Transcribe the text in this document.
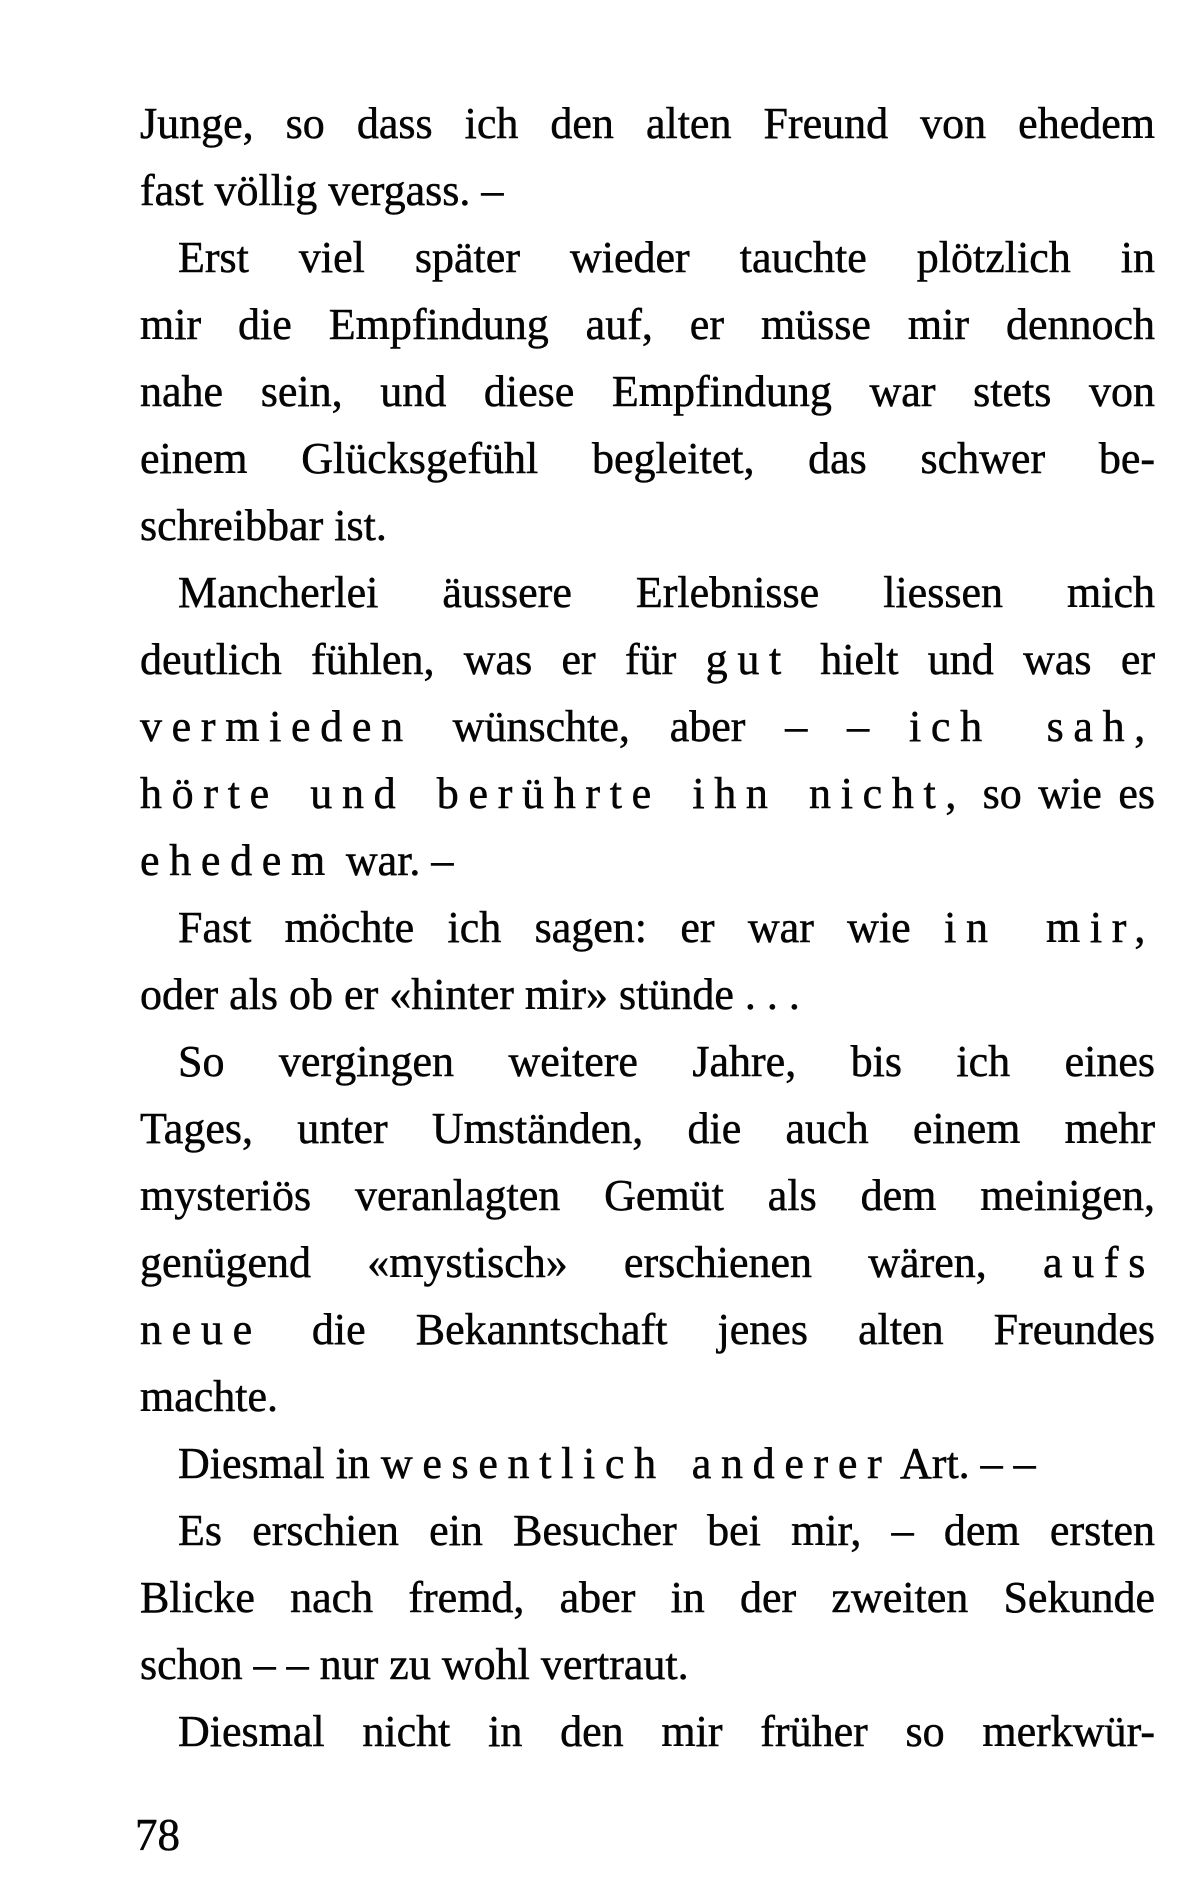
Junge, so dass ich den alten Freund von ehedem
fast völlig vergass. –
Erst viel später wieder tauchte plötzlich in
mir die Empfindung auf, er müsse mir dennoch
nahe sein, und diese Empfindung war stets von
einem Glücksgefühl begleitet, das schwer be-
schreibbar ist.
Mancherlei äussere Erlebnisse liessen mich
deutlich fühlen, was er für gut hielt und was er
vermieden wünschte, aber – – ich sah,
hörte und berührte ihn nicht, so wie es
ehedem war. –
Fast möchte ich sagen: er war wie in mir,
oder als ob er «hinter mir» stünde . . .
So vergingen weitere Jahre, bis ich eines
Tages, unter Umständen, die auch einem mehr
mysteriös veranlagten Gemüt als dem meinigen,
genügend «mystisch» erschienen wären, aufs
neue die Bekanntschaft jenes alten Freundes
machte.
Diesmal in wesentlich anderer Art. – –
Es erschien ein Besucher bei mir, – dem ersten
Blicke nach fremd, aber in der zweiten Sekunde
schon – – nur zu wohl vertraut.
Diesmal nicht in den mir früher so merkwür-
78
